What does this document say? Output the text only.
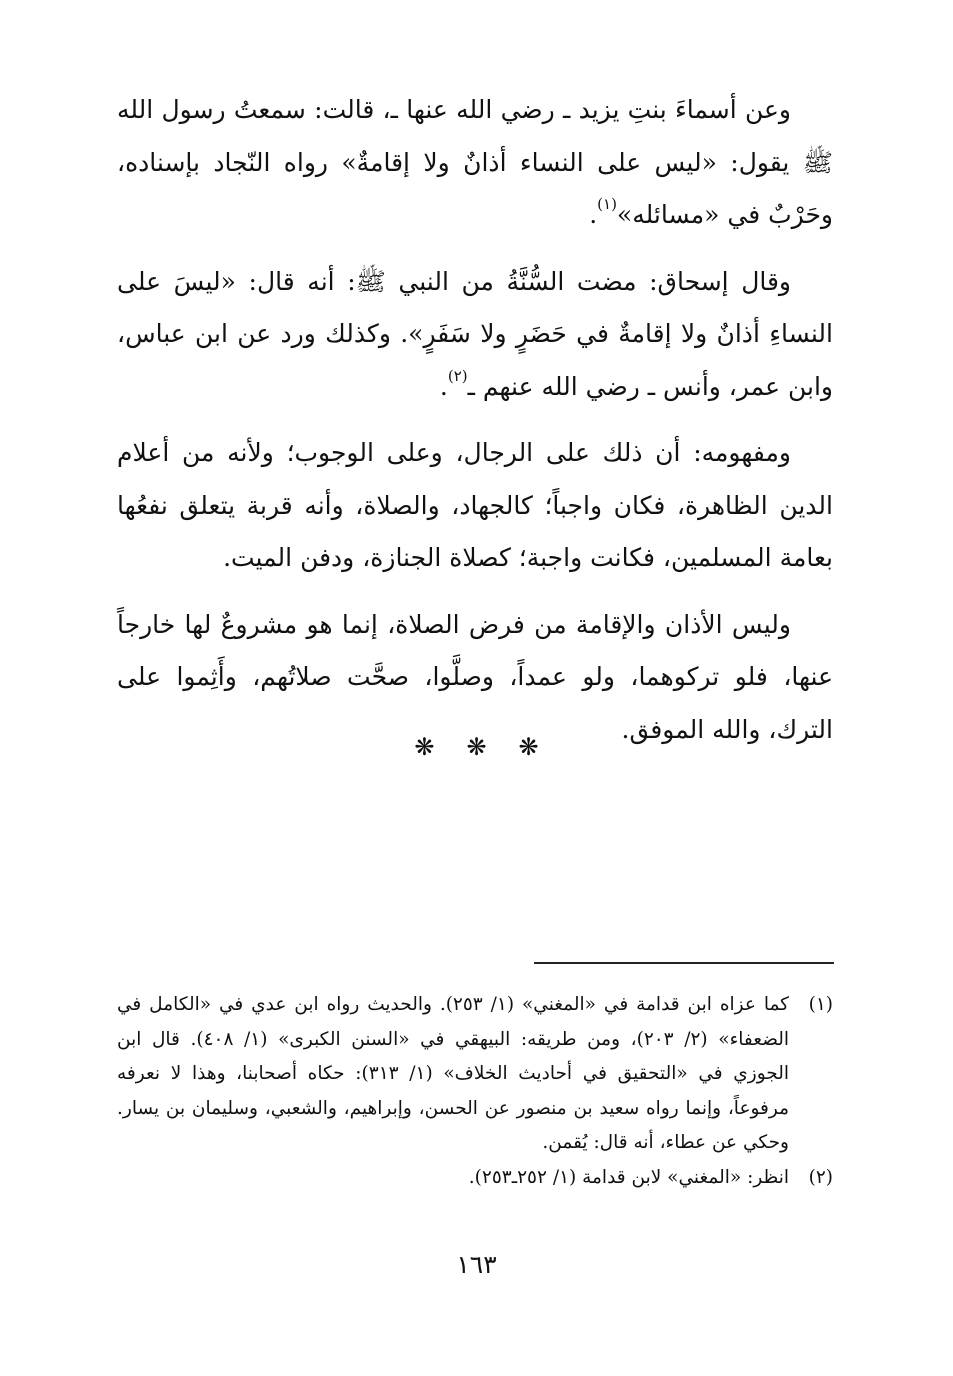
وعن أسماءَ بنتِ يزيد ـ رضي الله عنها ـ، قالت: سمعتُ رسول الله ﷺ يقول: «ليس على النساء أذانٌ ولا إقامةٌ» رواه النّجاد بإسناده، وحَرْبٌ في «مسائله»$^{(١)}$.

وقال إسحاق: مضت السُّنَّةُ من النبي ﷺ: أنه قال: «ليسَ على النساءِ أذانٌ ولا إقامةٌ في حَضَرٍ ولا سَفَرٍ». وكذلك ورد عن ابن عباس، وابن عمر، وأنس ـ رضي الله عنهم ـ$^{(٢)}$.

ومفهومه: أن ذلك على الرجال، وعلى الوجوب؛ ولأنه من أعلام الدين الظاهرة، فكان واجباً؛ كالجهاد، والصلاة، وأنه قربة يتعلق نفعُها بعامة المسلمين، فكانت واجبة؛ كصلاة الجنازة، ودفن الميت.

وليس الأذان والإقامة من فرض الصلاة، إنما هو مشروعٌ لها خارجاً عنها، فلو تركوهما، ولو عمداً، وصلَّوا، صحَّت صلاتُهم، وأَثِموا على الترك، والله الموفق.

❋❋❋
(١)
كما عزاه ابن قدامة في «المغني» (١/ ٢٥٣). والحديث رواه ابن عدي في «الكامل في الضعفاء» (٢/ ٢٠٣)، ومن طريقه: البيهقي في «السنن الكبرى» (١/ ٤٠٨). قال ابن الجوزي في «التحقيق في أحاديث الخلاف» (١/ ٣١٣): حكاه أصحابنا، وهذا لا نعرفه مرفوعاً، وإنما رواه سعيد بن منصور عن الحسن، وإبراهيم، والشعبي، وسليمان بن يسار. وحكي عن عطاء، أنه قال: يُقمن.
(٢)
انظر: «المغني» لابن قدامة (١/ ٢٥٢ـ٢٥٣).
١٦٣
